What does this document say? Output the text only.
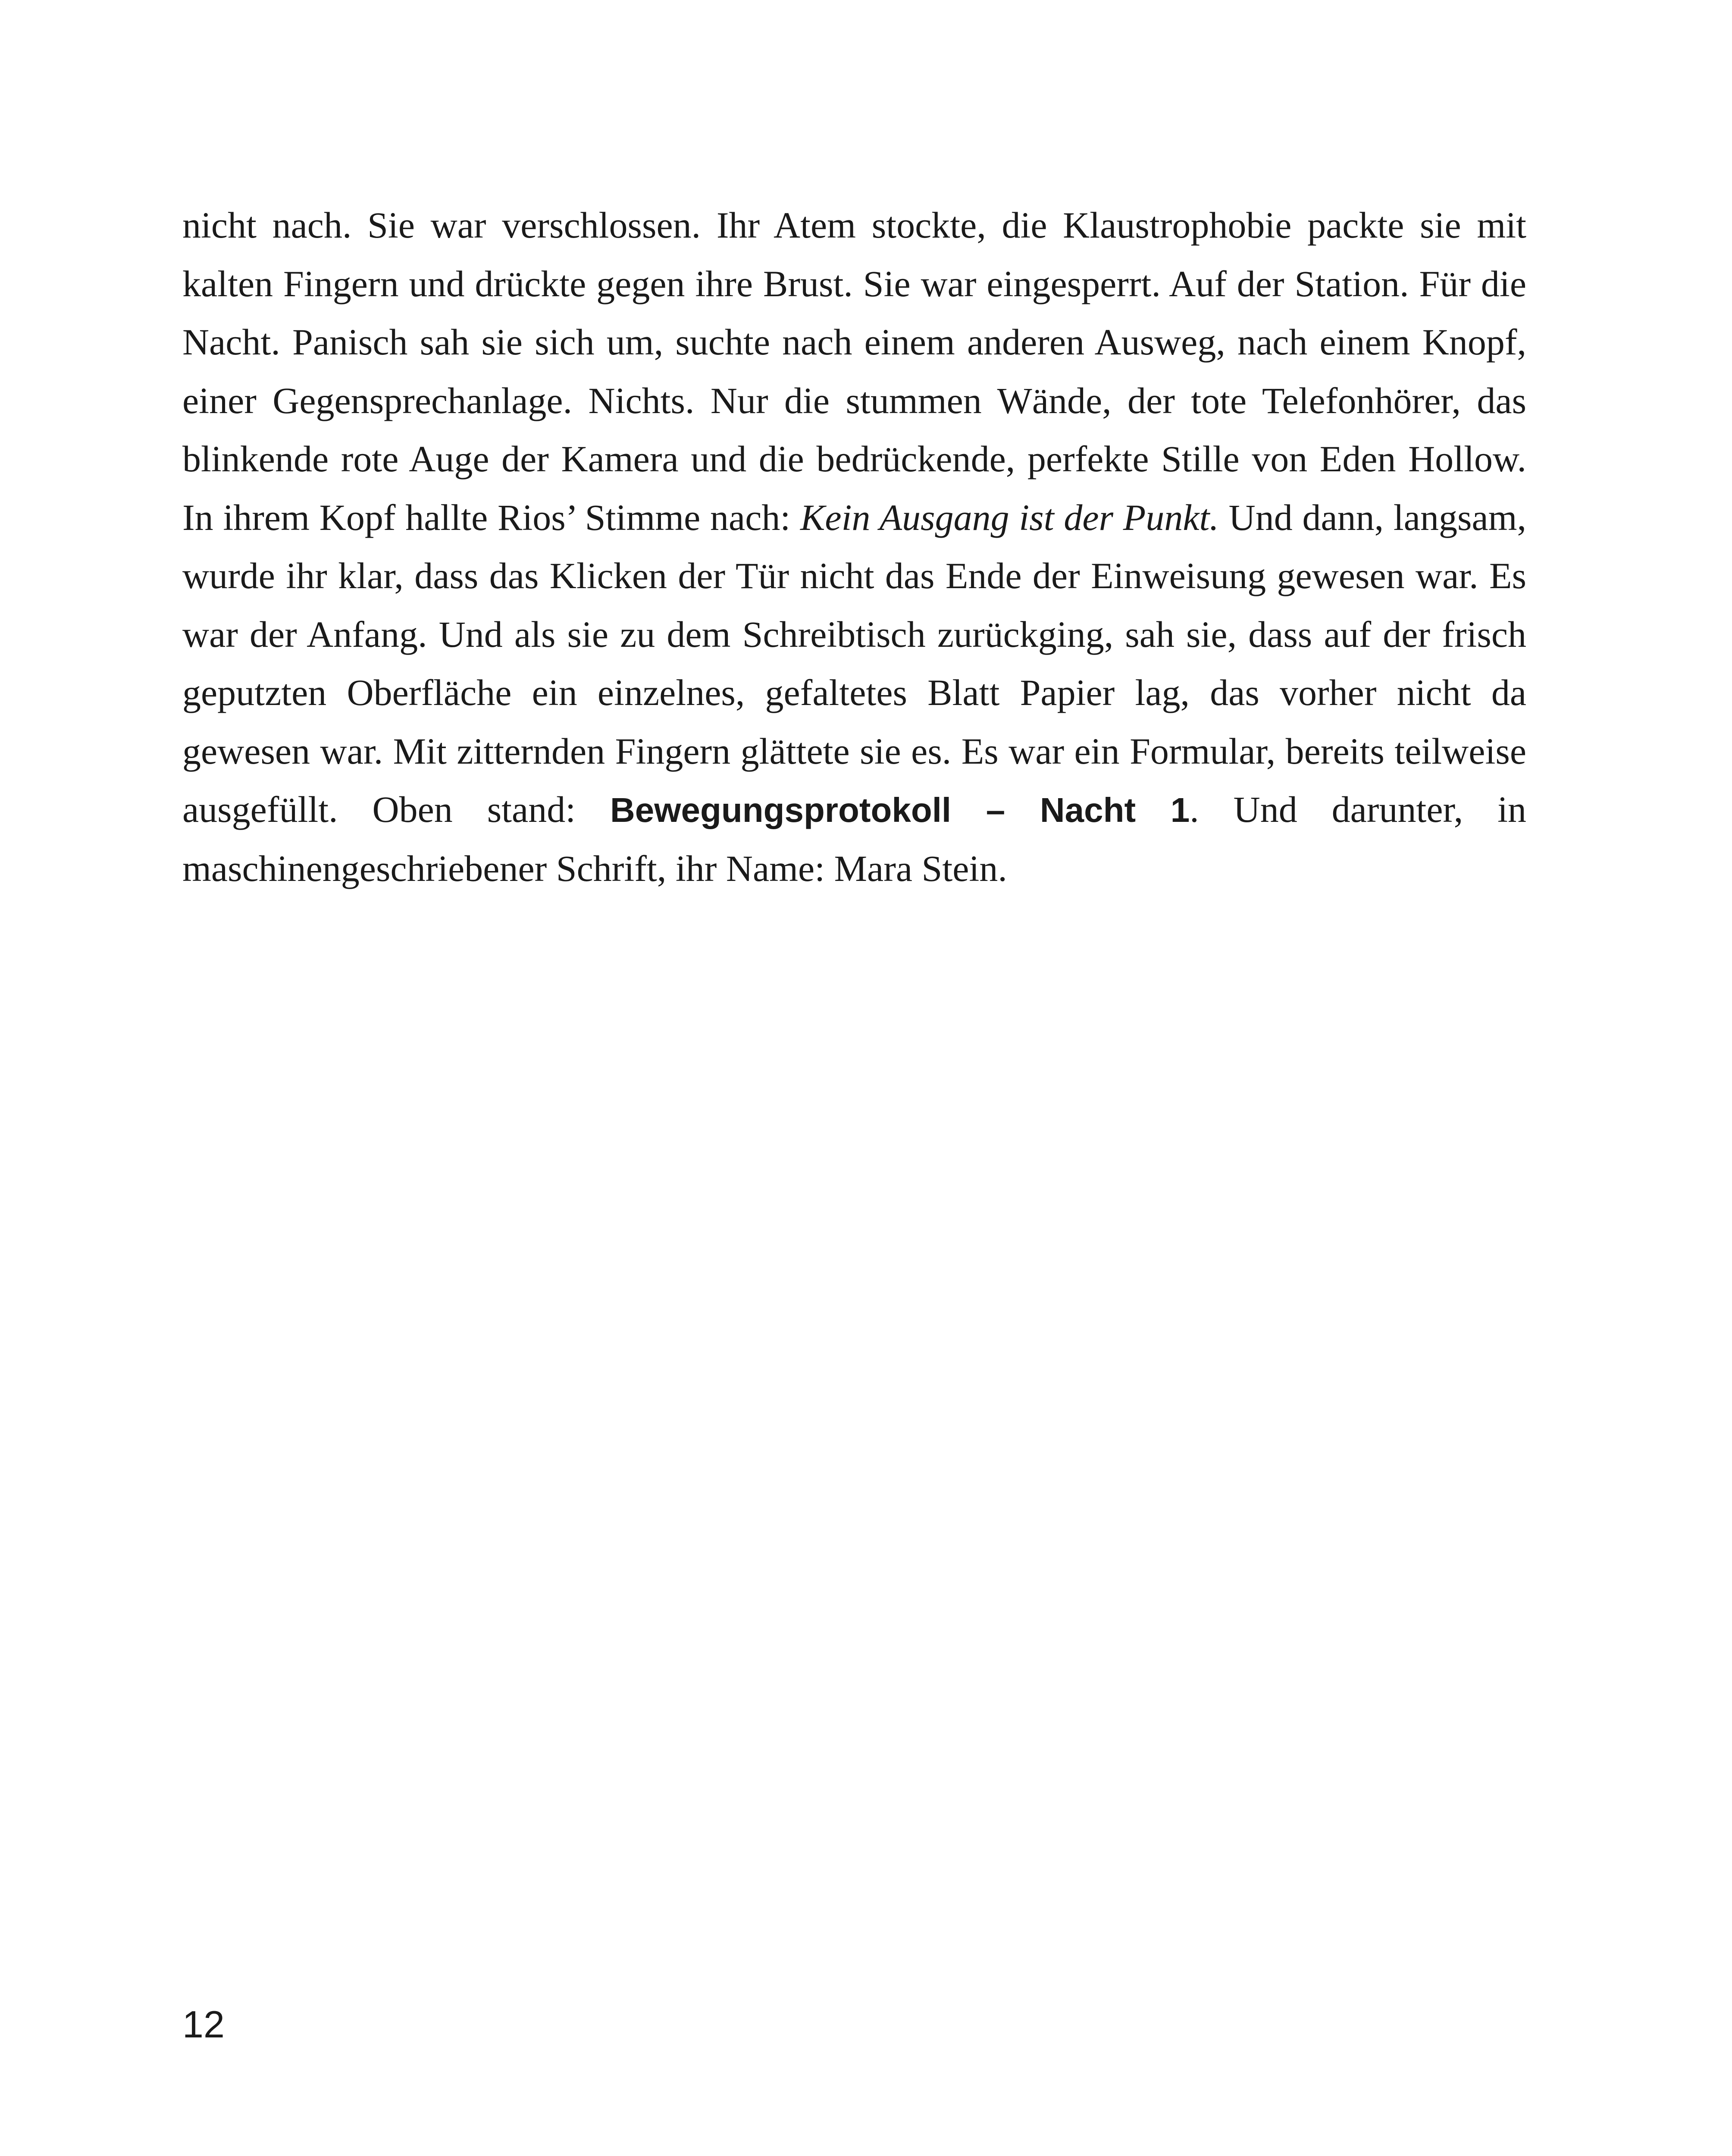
nicht nach. Sie war verschlossen. Ihr Atem stockte, die Klaustrophobie packte sie mit kalten Fingern und drückte gegen ihre Brust. Sie war eingesperrt. Auf der Station. Für die Nacht. Panisch sah sie sich um, suchte nach einem anderen Ausweg, nach einem Knopf, einer Gegensprechanlage. Nichts. Nur die stummen Wände, der tote Telefonhörer, das blinkende rote Auge der Kamera und die bedrückende, perfekte Stille von Eden Hollow. In ihrem Kopf hallte Rios’ Stimme nach: Kein Ausgang ist der Punkt. Und dann, langsam, wurde ihr klar, dass das Klicken der Tür nicht das Ende der Einweisung gewesen war. Es war der Anfang. Und als sie zu dem Schreibtisch zurückging, sah sie, dass auf der frisch geputzten Oberfläche ein einzelnes, gefaltetes Blatt Papier lag, das vorher nicht da gewesen war. Mit zitternden Fingern glättete sie es. Es war ein Formular, bereits teilweise ausgefüllt. Oben stand: Bewegungsprotokoll – Nacht 1. Und darunter, in maschinengeschriebener Schrift, ihr Name: Mara Stein.

12
